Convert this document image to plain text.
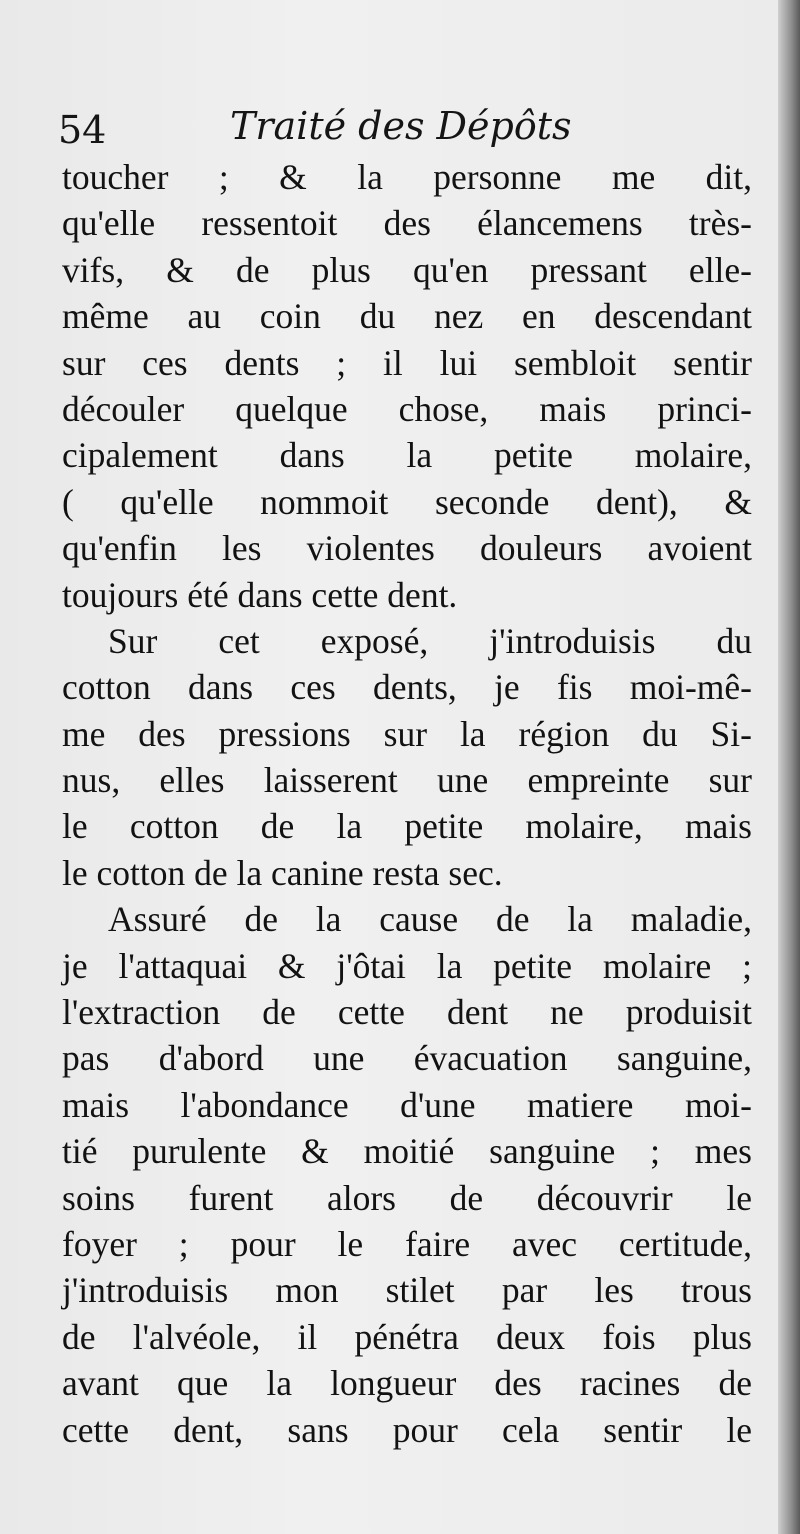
54	Traité des Dépôts
toucher ; & la personne me dit,
qu'elle ressentoit des élancemens très-
vifs, & de plus qu'en pressant elle-
même au coin du nez en descendant
sur ces dents ; il lui sembloit sentir
découler quelque chose, mais princi-
cipalement dans la petite molaire,
( qu'elle nommoit seconde dent), &
qu'enfin les violentes douleurs avoient
toujours été dans cette dent.
Sur cet exposé, j'introduisis du
cotton dans ces dents, je fis moi-mê-
me des pressions sur la région du Si-
nus, elles laisserent une empreinte sur
le cotton de la petite molaire, mais
le cotton de la canine resta sec.
Assuré de la cause de la maladie,
je l'attaquai & j'ôtai la petite molaire ;
l'extraction de cette dent ne produisit
pas d'abord une évacuation sanguine,
mais l'abondance d'une matiere moi-
tié purulente & moitié sanguine ; mes
soins furent alors de découvrir le
foyer ; pour le faire avec certitude,
j'introduisis mon stilet par les trous
de l'alvéole, il pénétra deux fois plus
avant que la longueur des racines de
cette dent, sans pour cela sentir le
